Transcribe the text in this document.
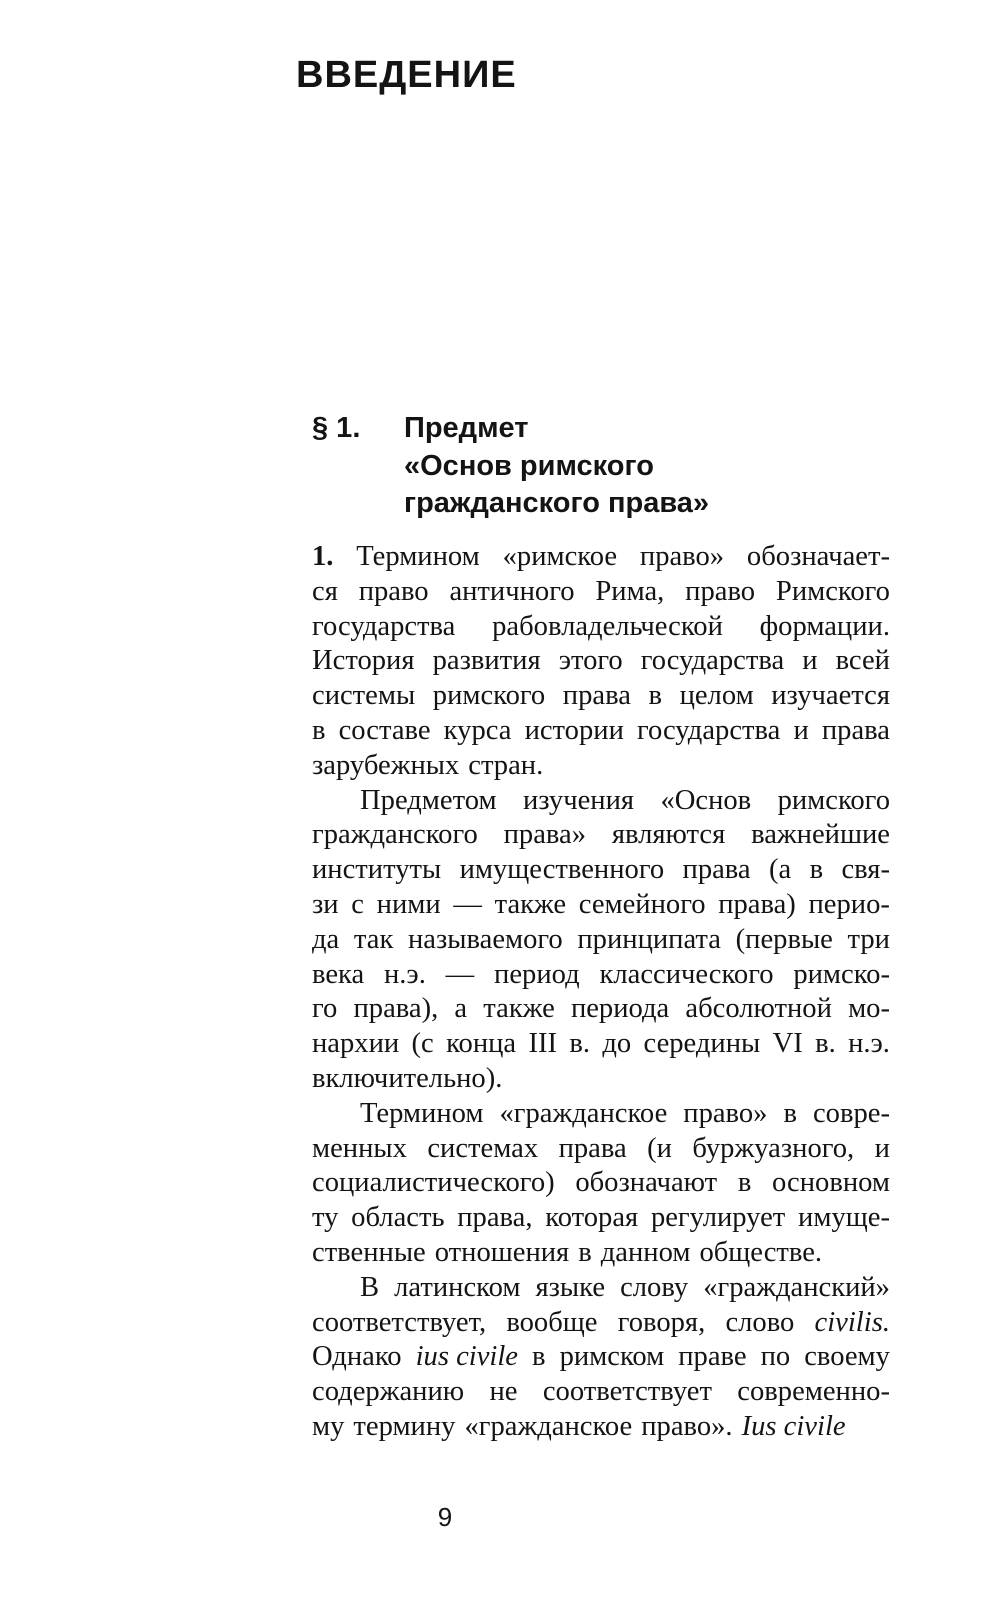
ВВЕДЕНИЕ
§ 1.	Предмет
«Основ римского
гражданского права»
1. Термином «римское право» обозначает-
ся право античного Рима, право Римского
государства рабовладельческой формации.
История развития этого государства и всей
системы римского права в целом изучается
в составе курса истории государства и права
зарубежных стран.
Предметом изучения «Основ римского
гражданского права» являются важнейшие
институты имущественного права (а в свя-
зи с ними — также семейного права) перио-
да так называемого принципата (первые три
века н.э. — период классического римско-
го права), а также периода абсолютной мо-
нархии (с конца III в. до середины VI в. н.э.
включительно).
Термином «гражданское право» в совре-
менных системах права (и буржуазного, и
социалистического) обозначают в основном
ту область права, которая регулирует имуще-
ственные отношения в данном обществе.
В латинском языке слову «гражданский»
соответствует, вообще говоря, слово civilis.
Однако ius civile в римском праве по своему
содержанию не соответствует современно-
му термину «гражданское право». Ius civile
9
